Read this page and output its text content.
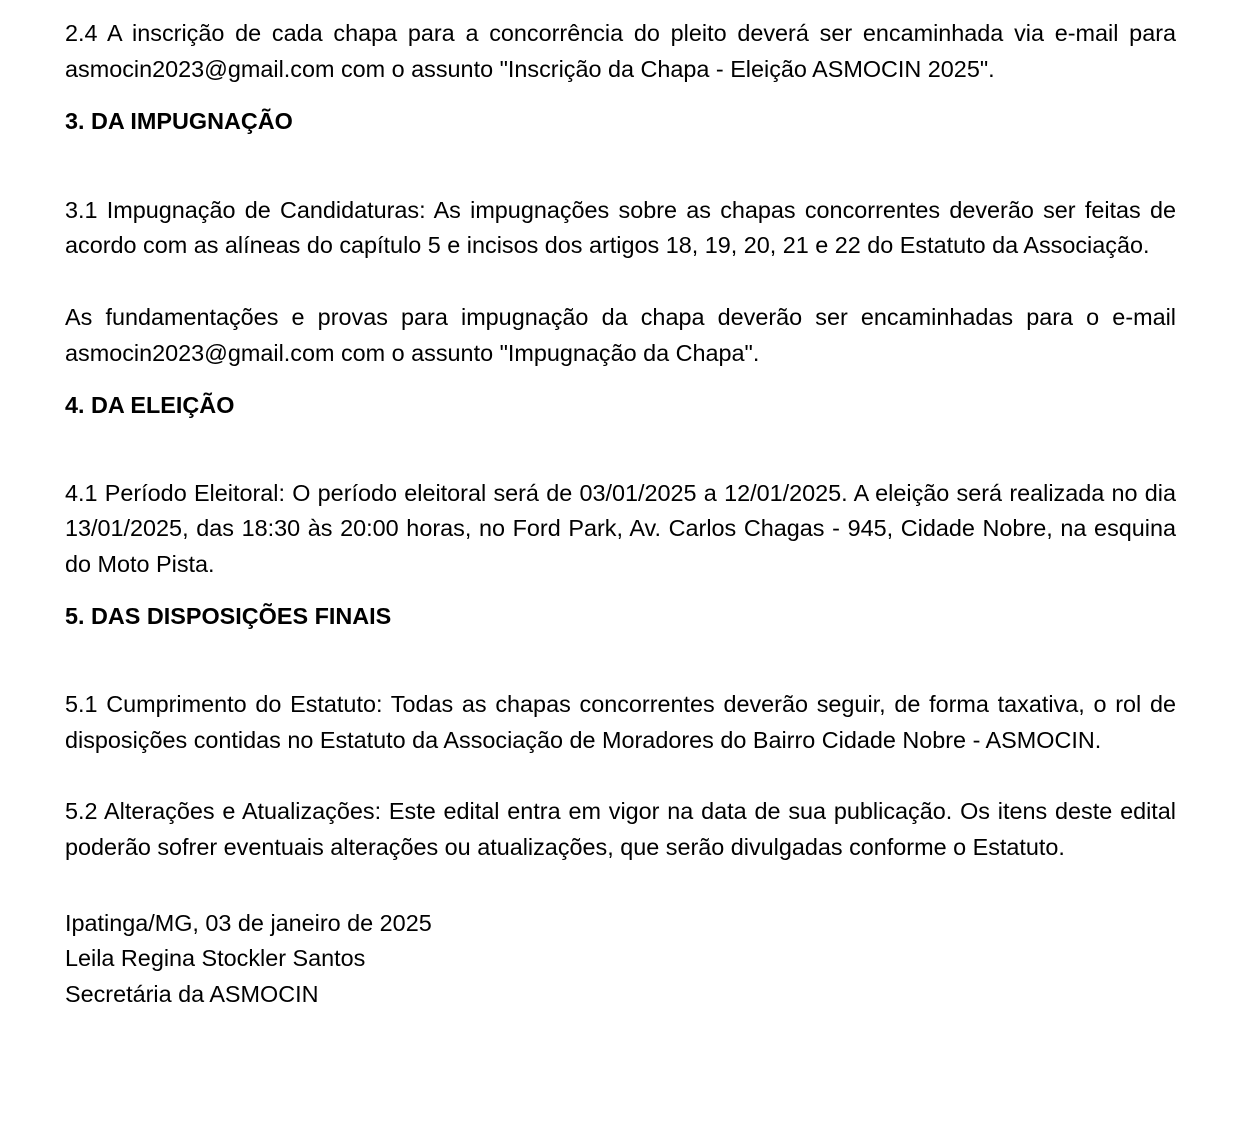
2.4 A inscrição de cada chapa para a concorrência do pleito deverá ser encaminhada via e-mail para asmocin2023@gmail.com com o assunto "Inscrição da Chapa - Eleição ASMOCIN 2025".

3. DA IMPUGNAÇÃO

3.1 Impugnação de Candidaturas: As impugnações sobre as chapas concorrentes deverão ser feitas de acordo com as alíneas do capítulo 5 e incisos dos artigos 18, 19, 20, 21 e 22 do Estatuto da Associação.

As fundamentações e provas para impugnação da chapa deverão ser encaminhadas para o e-mail asmocin2023@gmail.com com o assunto "Impugnação da Chapa".

4. DA ELEIÇÃO

4.1 Período Eleitoral: O período eleitoral será de 03/01/2025 a 12/01/2025. A eleição será realizada no dia 13/01/2025, das 18:30 às 20:00 horas, no Ford Park, Av. Carlos Chagas - 945, Cidade Nobre, na esquina do Moto Pista.

5. DAS DISPOSIÇÕES FINAIS

5.1 Cumprimento do Estatuto: Todas as chapas concorrentes deverão seguir, de forma taxativa, o rol de disposições contidas no Estatuto da Associação de Moradores do Bairro Cidade Nobre - ASMOCIN.

5.2 Alterações e Atualizações: Este edital entra em vigor na data de sua publicação. Os itens deste edital poderão sofrer eventuais alterações ou atualizações, que serão divulgadas conforme o Estatuto.

Ipatinga/MG, 03 de janeiro de 2025

Leila Regina Stockler Santos

Secretária da ASMOCIN
